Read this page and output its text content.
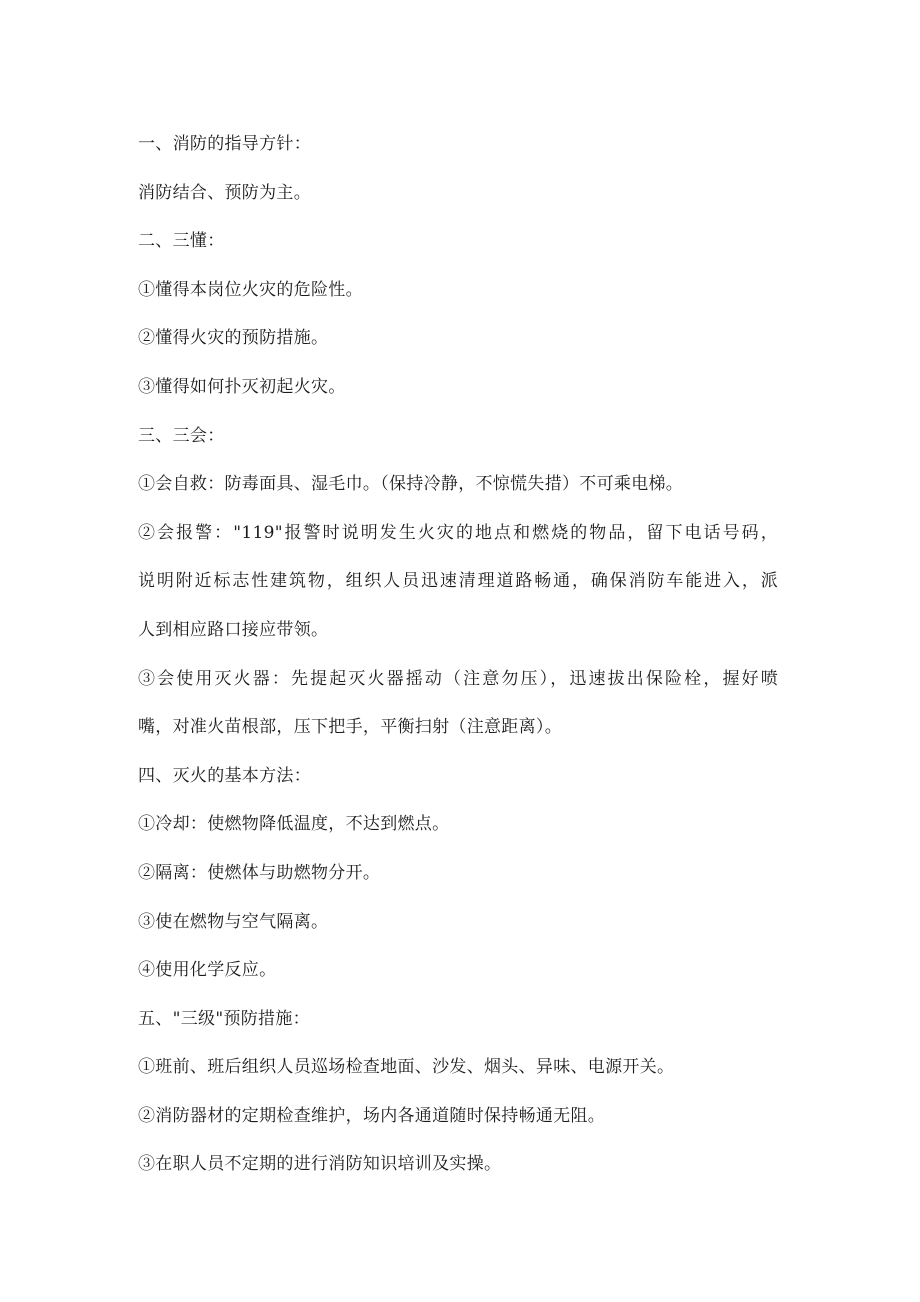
一、消防的指导方针：
消防结合、预防为主。
二、三懂：
①懂得本岗位火灾的危险性。
②懂得火灾的预防措施。
③懂得如何扑灭初起火灾。
三、三会：
①会自救：防毒面具、湿毛巾。（保持冷静，不惊慌失措）不可乘电梯。
②会报警："119"报警时说明发生火灾的地点和燃烧的物品，留下电话号码，
说明附近标志性建筑物，组织人员迅速清理道路畅通，确保消防车能进入，派
人到相应路口接应带领。
③会使用灭火器：先提起灭火器摇动（注意勿压），迅速拔出保险栓，握好喷
嘴，对准火苗根部，压下把手，平衡扫射（注意距离）。
四、灭火的基本方法：
①冷却：使燃物降低温度，不达到燃点。
②隔离：使燃体与助燃物分开。
③使在燃物与空气隔离。
④使用化学反应。
五、"三级"预防措施：
①班前、班后组织人员巡场检查地面、沙发、烟头、异味、电源开关。
②消防器材的定期检查维护，场内各通道随时保持畅通无阻。
③在职人员不定期的进行消防知识培训及实操。
